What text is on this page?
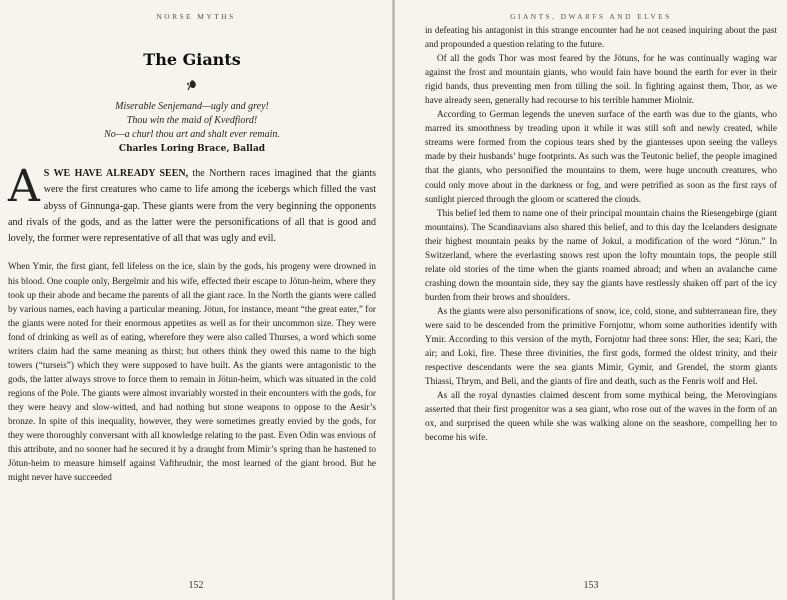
NORSE MYTHS
The Giants
Miserable Senjemand—ugly and grey!
Thou win the maid of Kvedfiord!
No—a churl thou art and shalt ever remain.
Charles Loring Brace, Ballad
A S WE HAVE ALREADY SEEN, the Northern races imagined that the giants were the first creatures who came to life among the icebergs which filled the vast abyss of Ginnunga-gap. These giants were from the very beginning the opponents and rivals of the gods, and as the latter were the personifications of all that is good and lovely, the former were representative of all that was ugly and evil.

When Ymir, the first giant, fell lifeless on the ice, slain by the gods, his progeny were drowned in his blood. One couple only, Bergelmir and his wife, effected their escape to Jötun-heim, where they took up their abode and became the parents of all the giant race. In the North the giants were called by various names, each having a particular meaning. Jötun, for instance, meant “the great eater,” for the giants were noted for their enormous appetites as well as for their uncommon size. They were fond of drinking as well as of eating, wherefore they were also called Thurses, a word which some writers claim had the same meaning as thirst; but others think they owed this name to the high towers (“turseis”) which they were supposed to have built. As the giants were antagonistic to the gods, the latter always strove to force them to remain in Jötun-heim, which was situated in the cold regions of the Pole. The giants were almost invariably worsted in their encounters with the gods, for they were heavy and slow-witted, and had nothing but stone weapons to oppose to the Aesir’s bronze. In spite of this inequality, however, they were sometimes greatly envied by the gods, for they were thoroughly conversant with all knowledge relating to the past. Even Odin was envious of this attribute, and no sooner had he secured it by a draught from Mimir’s spring than he hastened to Jötun-heim to measure himself against Vafthrudnir, the most learned of the giant brood. But he might never have succeeded

152
GIANTS, DWARFS AND ELVES

in defeating his antagonist in this strange encounter had he not ceased inquiring about the past and propounded a question relating to the future.

Of all the gods Thor was most feared by the Jötuns, for he was continually waging war against the frost and mountain giants, who would fain have bound the earth for ever in their rigid bands, thus preventing men from tilling the soil. In fighting against them, Thor, as we have already seen, generally had recourse to his terrible hammer Miolnir.

According to German legends the uneven surface of the earth was due to the giants, who marred its smoothness by treading upon it while it was still soft and newly created, while streams were formed from the copious tears shed by the giantesses upon seeing the valleys made by their husbands’ huge footprints. As such was the Teutonic belief, the people imagined that the giants, who personified the mountains to them, were huge uncouth creatures, who could only move about in the darkness or fog, and were petrified as soon as the first rays of sunlight pierced through the gloom or scattered the clouds.

This belief led them to name one of their principal mountain chains the Riesengebirge (giant mountains). The Scandinavians also shared this belief, and to this day the Icelanders designate their highest mountain peaks by the name of Jokul, a modification of the word “Jötun.” In Switzerland, where the everlasting snows rest upon the lofty mountain tops, the people still relate old stories of the time when the giants roamed abroad; and when an avalanche came crashing down the mountain side, they say the giants have restlessly shaken off part of the icy burden from their brows and shoulders.

As the giants were also personifications of snow, ice, cold, stone, and subterranean fire, they were said to be descended from the primitive Fornjotnr, whom some authorities identify with Ymir. According to this version of the myth, Fornjotnr had three sons: Hler, the sea; Kari, the air; and Loki, fire. These three divinities, the first gods, formed the oldest trinity, and their respective descendants were the sea giants Mimir, Gymir, and Grendel, the storm giants Thiassi, Thrym, and Beli, and the giants of fire and death, such as the Fenris wolf and Hel.

As all the royal dynasties claimed descent from some mythical being, the Merovingians asserted that their first progenitor was a sea giant, who rose out of the waves in the form of an ox, and surprised the queen while she was walking alone on the seashore, compelling her to become his wife.

153
